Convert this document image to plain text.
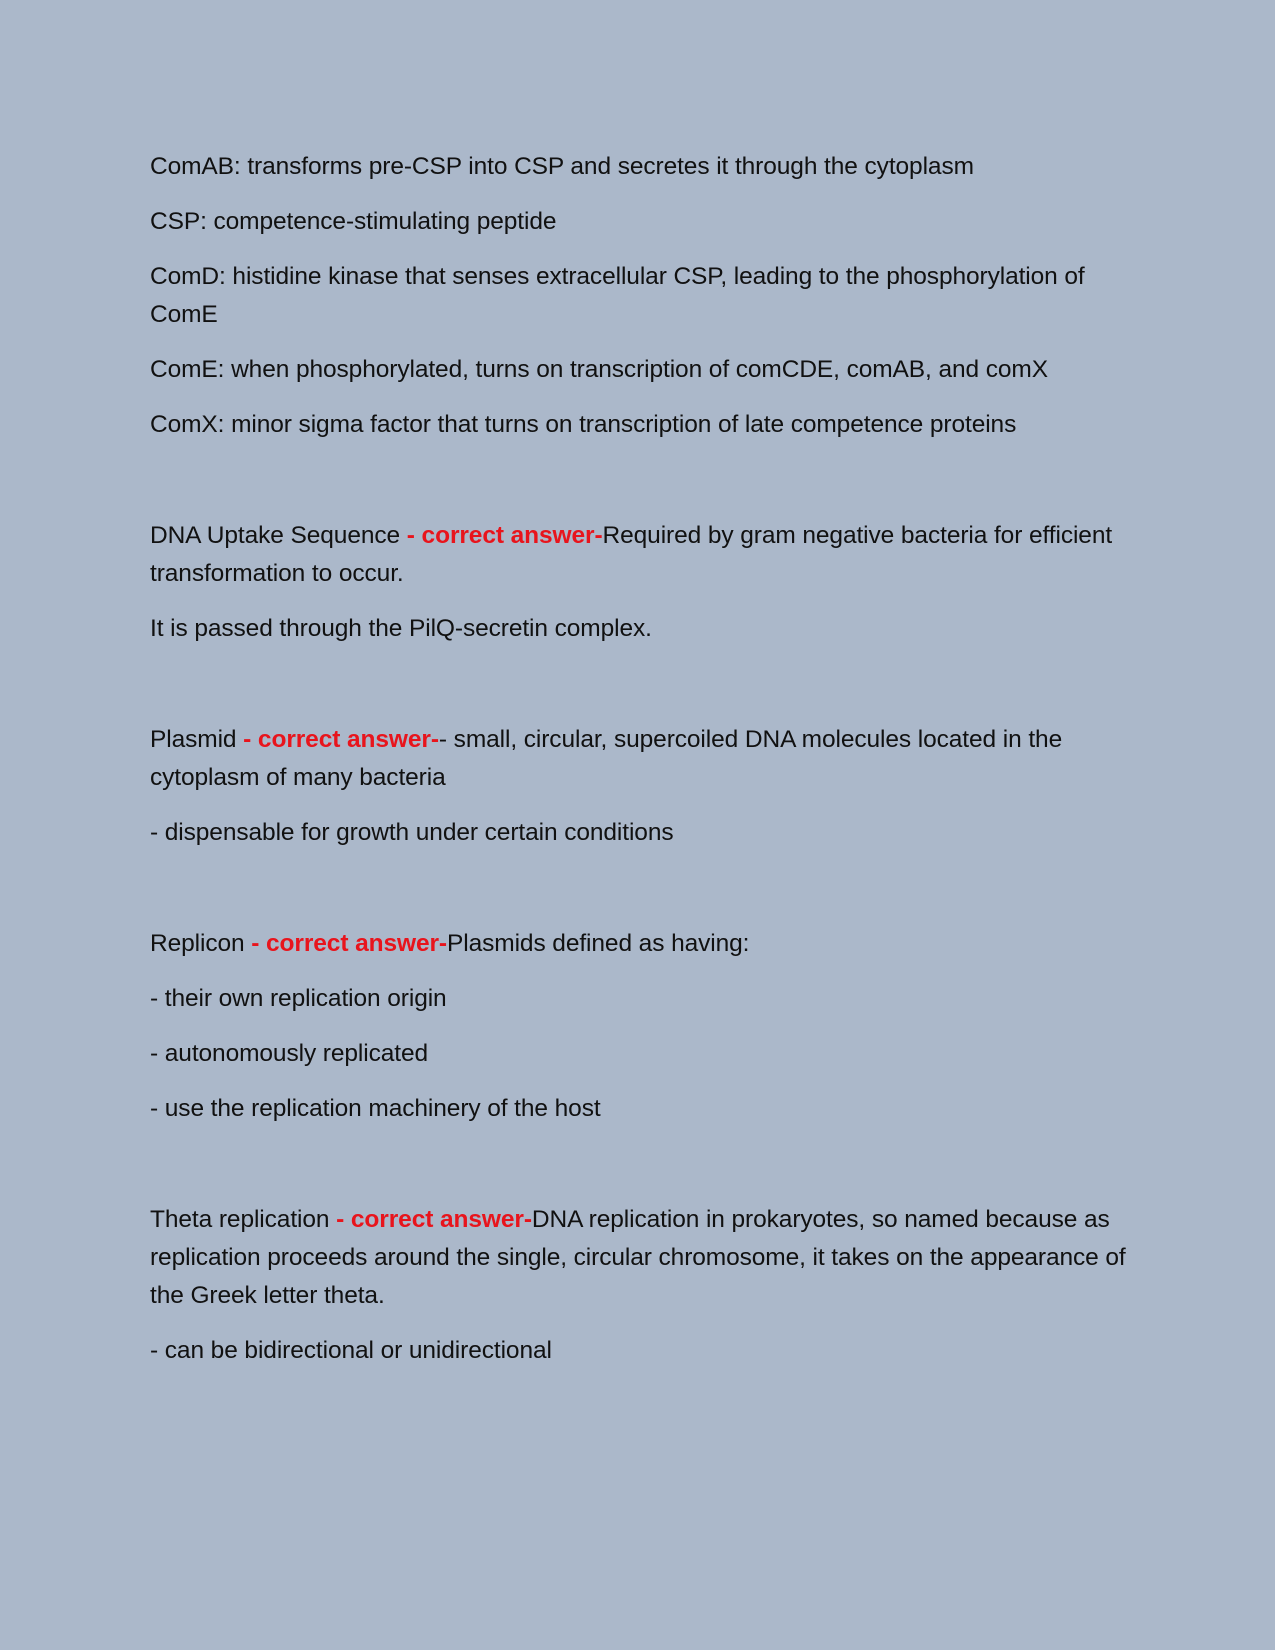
ComAB: transforms pre-CSP into CSP and secretes it through the cytoplasm

CSP: competence-stimulating peptide

ComD: histidine kinase that senses extracellular CSP, leading to the phosphorylation of ComE

ComE: when phosphorylated, turns on transcription of comCDE, comAB, and comX

ComX: minor sigma factor that turns on transcription of late competence proteins

DNA Uptake Sequence - correct answer-Required by gram negative bacteria for efficient transformation to occur.

It is passed through the PilQ-secretin complex.

Plasmid - correct answer-- small, circular, supercoiled DNA molecules located in the cytoplasm of many bacteria

- dispensable for growth under certain conditions

Replicon - correct answer-Plasmids defined as having:

- their own replication origin

- autonomously replicated

- use the replication machinery of the host

Theta replication - correct answer-DNA replication in prokaryotes, so named because as replication proceeds around the single, circular chromosome, it takes on the appearance of the Greek letter theta.

- can be bidirectional or unidirectional
